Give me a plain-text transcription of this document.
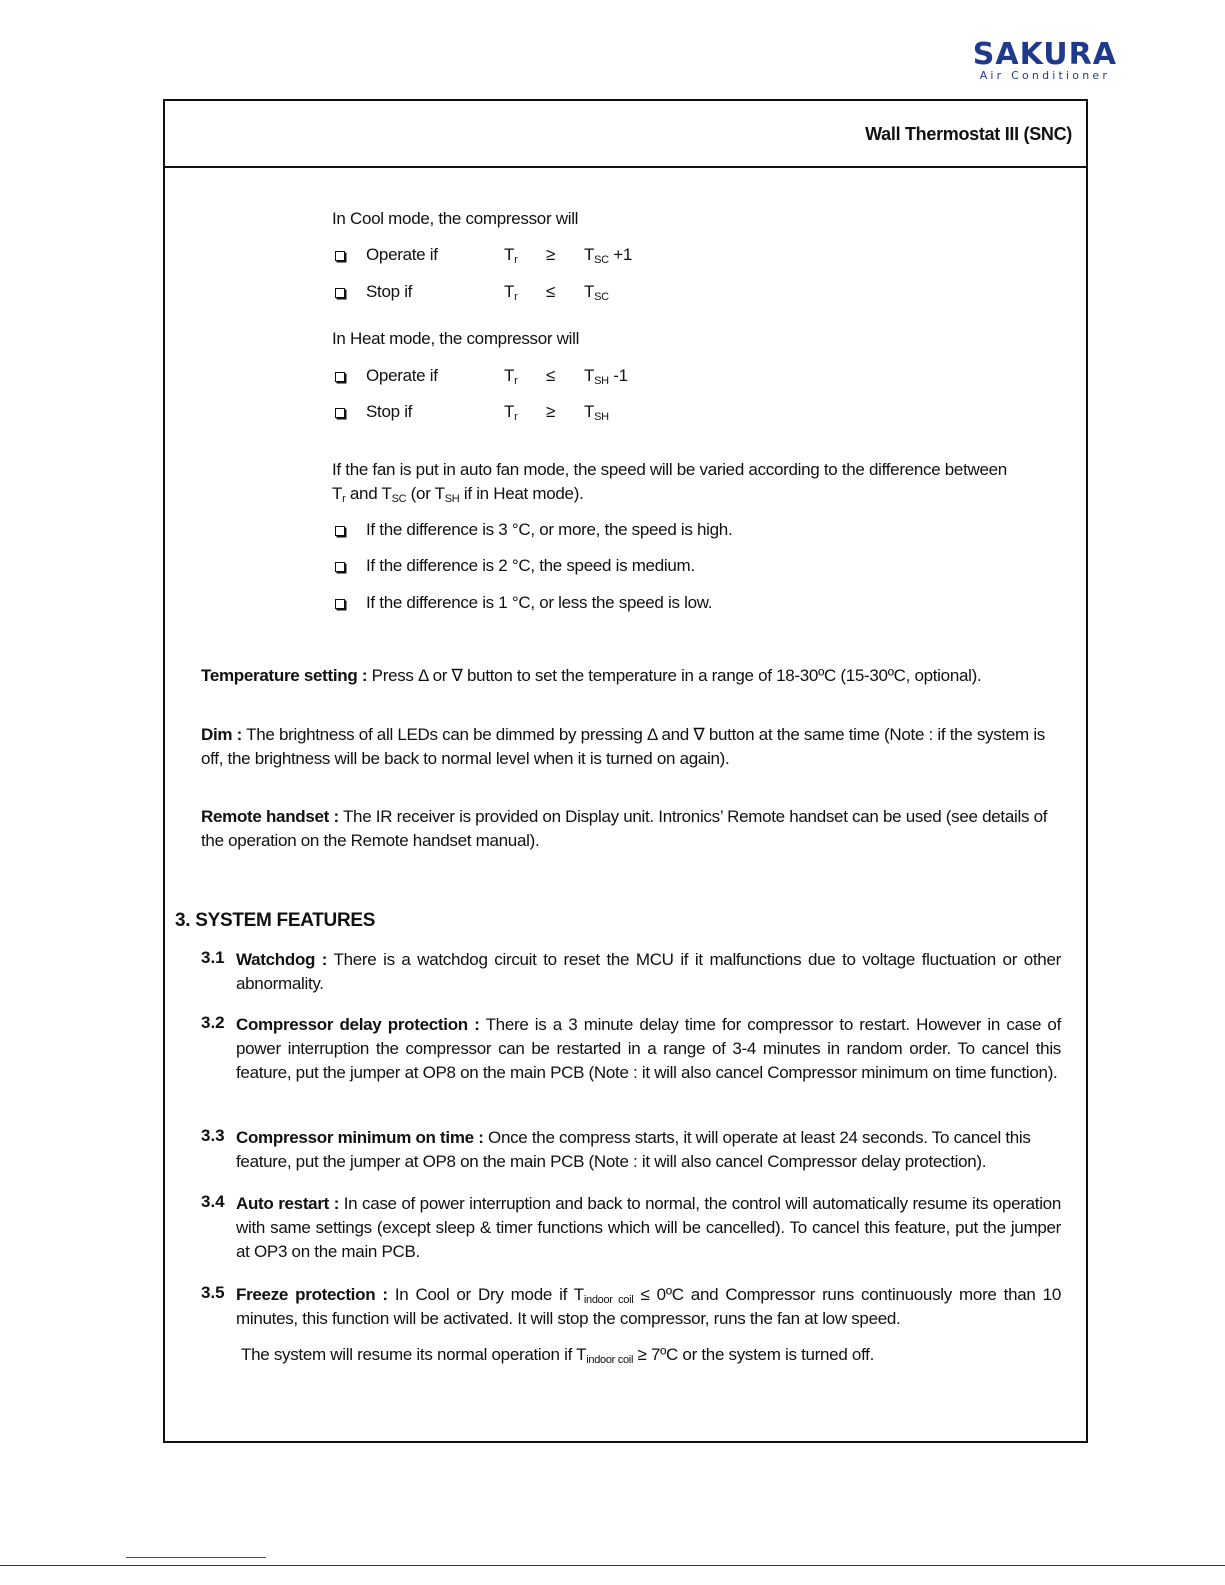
SAKURA
Air Conditioner
Wall Thermostat III (SNC)
In Cool mode, the compressor will
Operate if	$T_r \ge T_{SC} +1$
Stop if	$T_r \le T_{SC}$
In Heat mode, the compressor will
Operate if	$T_r \le T_{SH}$ -1
Stop if	$T_r \ge T_{SH}$
If the fan is put in auto fan mode, the speed will be varied according to the difference between
$T_r$ and $T_{SC}$ (or $T_{SH}$ if in Heat mode).
If the difference is 3 °C, or more, the speed is high.
If the difference is 2 °C, the speed is medium.
If the difference is 1 °C, or less the speed is low.
Temperature setting : Press Δ or ∇ button to set the temperature in a range of 18-30ºC (15-30ºC, optional).
Dim : The brightness of all LEDs can be dimmed by pressing Δ and ∇ button at the same time (Note : if the system is off, the brightness will be back to normal level when it is turned on again).
Remote handset : The IR receiver is provided on Display unit. Intronics’ Remote handset can be used (see details of the operation on the Remote handset manual).
3. SYSTEM FEATURES
3.1 Watchdog : There is a watchdog circuit to reset the MCU if it malfunctions due to voltage fluctuation or other abnormality.
3.2 Compressor delay protection : There is a 3 minute delay time for compressor to restart. However in case of power interruption the compressor can be restarted in a range of 3-4 minutes in random order. To cancel this feature, put the jumper at OP8 on the main PCB (Note : it will also cancel Compressor minimum on time function).
3.3 Compressor minimum on time : Once the compress starts, it will operate at least 24 seconds. To cancel this feature, put the jumper at OP8 on the main PCB (Note : it will also cancel Compressor delay protection).
3.4 Auto restart : In case of power interruption and back to normal, the control will automatically resume its operation with same settings (except sleep & timer functions which will be cancelled). To cancel this feature, put the jumper at OP3 on the main PCB.
3.5 Freeze protection : In Cool or Dry mode if $T_{indoor coil}$ ≤ 0ºC and Compressor runs continuously more than 10 minutes, this function will be activated. It will stop the compressor, runs the fan at low speed.
The system will resume its normal operation if $T_{indoor coil}$ ≥ 7ºC or the system is turned off.
